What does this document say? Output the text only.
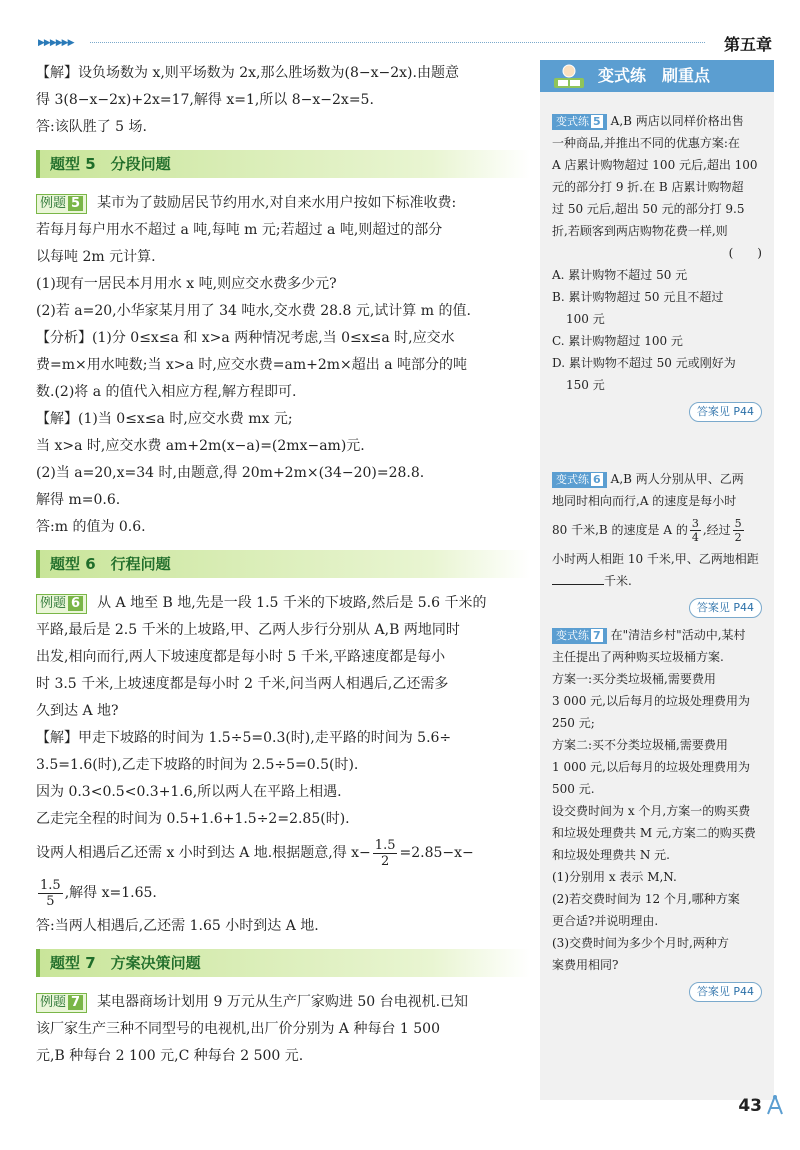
▶▶▶▶▶▶	第五章

【解】设负场数为 x,则平场数为 2x,那么胜场数为(8−x−2x).由题意

得 3(8−x−2x)+2x=17,解得 x=1,所以 8−x−2x=5.

答:该队胜了 5 场.

题型 5　分段问题

例题 5 某市为了鼓励居民节约用水,对自来水用户按如下标准收费:

若每月每户用水不超过 a 吨,每吨 m 元;若超过 a 吨,则超过的部分

以每吨 2m 元计算.

(1)现有一居民本月用水 x 吨,则应交水费多少元?

(2)若 a=20,小华家某月用了 34 吨水,交水费 28.8 元,试计算 m 的值.

【分析】(1)分 0≤x≤a 和 x>a 两种情况考虑,当 0≤x≤a 时,应交水

费=m×用水吨数;当 x>a 时,应交水费=am+2m×超出 a 吨部分的吨

数.(2)将 a 的值代入相应方程,解方程即可.

【解】(1)当 0≤x≤a 时,应交水费 mx 元;

当 x>a 时,应交水费 am+2m(x−a)=(2mx−am)元.

(2)当 a=20,x=34 时,由题意,得 20m+2m×(34−20)=28.8.

解得 m=0.6.

答:m 的值为 0.6.

题型 6　行程问题

例题 6 从 A 地至 B 地,先是一段 1.5 千米的下坡路,然后是 5.6 千米的

平路,最后是 2.5 千米的上坡路,甲、乙两人步行分别从 A,B 两地同时

出发,相向而行,两人下坡速度都是每小时 5 千米,平路速度都是每小

时 3.5 千米,上坡速度都是每小时 2 千米,问当两人相遇后,乙还需多

久到达 A 地?

【解】甲走下坡路的时间为 1.5÷5=0.3(时),走平路的时间为 5.6÷

3.5=1.6(时),乙走下坡路的时间为 2.5÷5=0.5(时).

因为 0.3<0.5<0.3+1.6,所以两人在平路上相遇.

乙走完全程的时间为 0.5+1.6+1.5÷2=2.85(时).

设两人相遇后乙还需 x 小时到达 A 地.根据题意,得 $x- \frac{1.5}{2} =2.85-x-$

$\frac{1.5}{5}$ ,解得 x=1.65.

答:当两人相遇后,乙还需 1.65 小时到达 A 地.

题型 7　方案决策问题

例题 7 某电器商场计划用 9 万元从生产厂家购进 50 台电视机.已知

该厂家生产三种不同型号的电视机,出厂价分别为 A 种每台 1 500

元,B 种每台 2 100 元,C 种每台 2 500 元.

变式练　刷重点

变式练 5 A,B 两店以同样价格出售

一种商品,并推出不同的优惠方案:在

A 店累计购物超过 100 元后,超出 100

元的部分打 9 折.在 B 店累计购物超

过 50 元后,超出 50 元的部分打 9.5

折,若顾客到两店购物花费一样,则

(　　)

A. 累计购物不超过 50 元

B. 累计购物超过 50 元且不超过

100 元

C. 累计购物超过 100 元

D. 累计购物不超过 50 元或刚好为

150 元

答案见 P44

变式练 6 A,B 两人分别从甲、乙两

地同时相向而行,A 的速度是每小时

80 千米,B 的速度是 A 的 $\frac{3}{4}$ ,经过 $\frac{5}{2}$

小时两人相距 10 千米,甲、乙两地相距

千米.

答案见 P44

变式练 7 在"清洁乡村"活动中,某村

主任提出了两种购买垃圾桶方案.

方案一:买分类垃圾桶,需要费用

3 000 元,以后每月的垃圾处理费用为

250 元;

方案二:买不分类垃圾桶,需要费用

1 000 元,以后每月的垃圾处理费用为

500 元.

设交费时间为 x 个月,方案一的购买费

和垃圾处理费共 M 元,方案二的购买费

和垃圾处理费共 N 元.

(1)分别用 x 表示 M,N.

(2)若交费时间为 12 个月,哪种方案

更合适?并说明理由.

(3)交费时间为多少个月时,两种方

案费用相同?

答案见 P44
43
